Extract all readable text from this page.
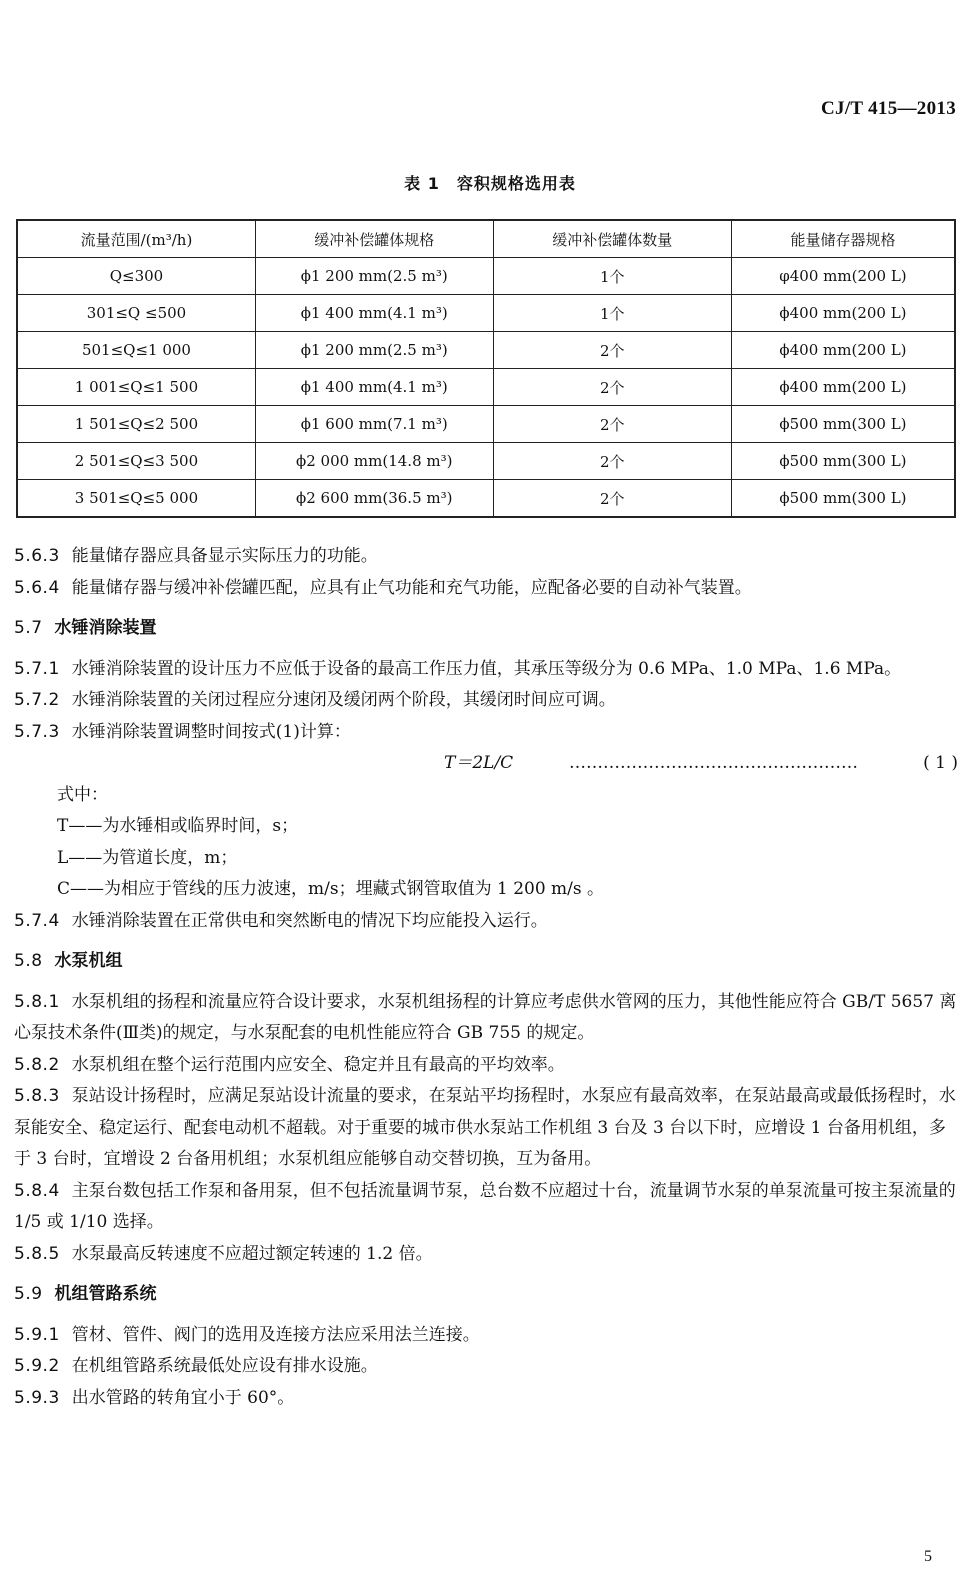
CJ/T 415—2013

表 1　容积规格选用表

流量范围/(m³/h)	缓冲补偿罐体规格	缓冲补偿罐体数量	能量储存器规格
Q≤300	ϕ1 200 mm(2.5 m³)	1个	φ400 mm(200 L)
301≤Q ≤500	ϕ1 400 mm(4.1 m³)	1个	ϕ400 mm(200 L)
501≤Q≤1 000	ϕ1 200 mm(2.5 m³)	2个	ϕ400 mm(200 L)
1 001≤Q≤1 500	ϕ1 400 mm(4.1 m³)	2个	ϕ400 mm(200 L)
1 501≤Q≤2 500	ϕ1 600 mm(7.1 m³)	2个	ϕ500 mm(300 L)
2 501≤Q≤3 500	ϕ2 000 mm(14.8 m³)	2个	ϕ500 mm(300 L)
3 501≤Q≤5 000	ϕ2 600 mm(36.5 m³)	2个	ϕ500 mm(300 L)

5.6.3 能量储存器应具备显示实际压力的功能。

5.6.4 能量储存器与缓冲补偿罐匹配，应具有止气功能和充气功能，应配备必要的自动补气装置。

5.7 水锤消除装置

5.7.1 水锤消除装置的设计压力不应低于设备的最高工作压力值，其承压等级分为 0.6 MPa、1.0 MPa、1.6 MPa。

5.7.2 水锤消除装置的关闭过程应分速闭及缓闭两个阶段，其缓闭时间应可调。

5.7.3 水锤消除装置调整时间按式(1)计算：

T＝2L/C	……………………………………………	( 1 )

式中：

T——为水锤相或临界时间，s；

L——为管道长度，m；

C——为相应于管线的压力波速，m/s；埋藏式钢管取值为 1 200 m/s 。

5.7.4 水锤消除装置在正常供电和突然断电的情况下均应能投入运行。

5.8 水泵机组

5.8.1 水泵机组的扬程和流量应符合设计要求，水泵机组扬程的计算应考虑供水管网的压力，其他性能应符合 GB/T 5657 离心泵技术条件(Ⅲ类)的规定，与水泵配套的电机性能应符合 GB 755 的规定。

5.8.2 水泵机组在整个运行范围内应安全、稳定并且有最高的平均效率。

5.8.3 泵站设计扬程时，应满足泵站设计流量的要求，在泵站平均扬程时，水泵应有最高效率，在泵站最高或最低扬程时，水泵能安全、稳定运行、配套电动机不超载。对于重要的城市供水泵站工作机组 3 台及 3 台以下时，应增设 1 台备用机组，多于 3 台时，宜增设 2 台备用机组；水泵机组应能够自动交替切换，互为备用。

5.8.4 主泵台数包括工作泵和备用泵，但不包括流量调节泵，总台数不应超过十台，流量调节水泵的单泵流量可按主泵流量的 1/5 或 1/10 选择。

5.8.5 水泵最高反转速度不应超过额定转速的 1.2 倍。

5.9 机组管路系统

5.9.1 管材、管件、阀门的选用及连接方法应采用法兰连接。

5.9.2 在机组管路系统最低处应设有排水设施。

5.9.3 出水管路的转角宜小于 60°。

5
